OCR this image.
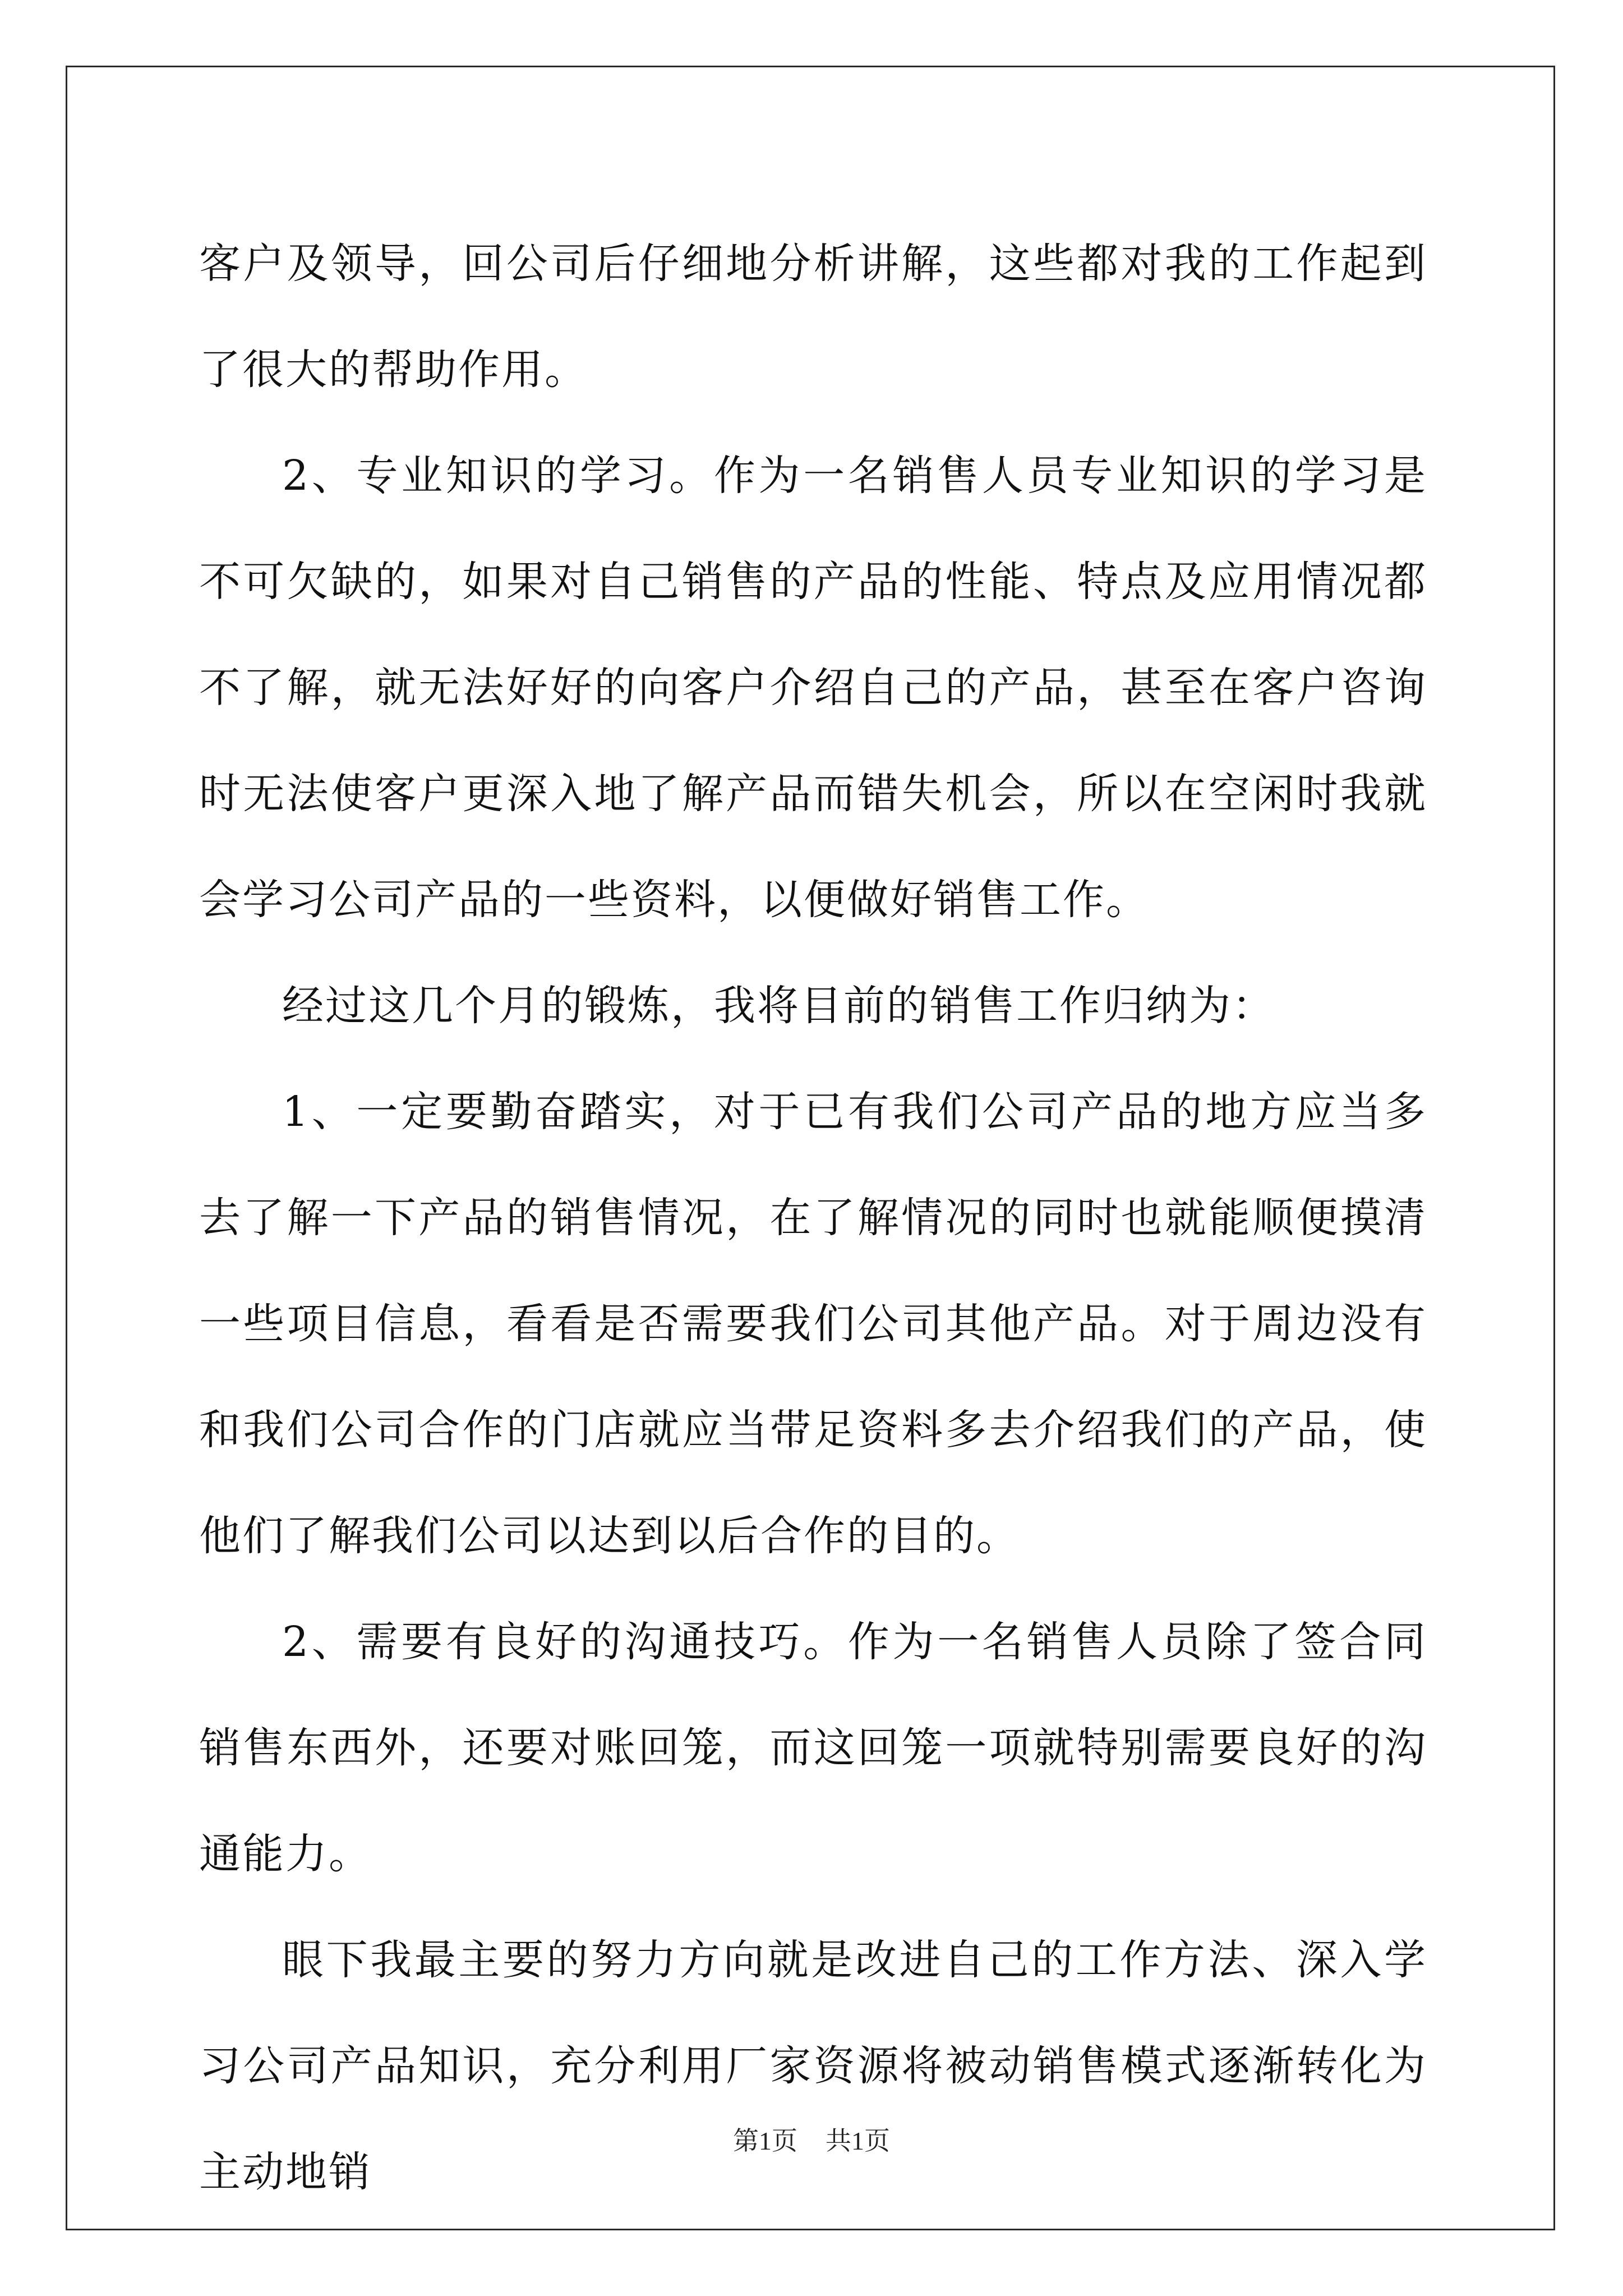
客户及领导，回公司后仔细地分析讲解，这些都对我的工作起到了很大的帮助作用。

2、专业知识的学习。作为一名销售人员专业知识的学习是不可欠缺的，如果对自己销售的产品的性能、特点及应用情况都不了解，就无法好好的向客户介绍自己的产品，甚至在客户咨询时无法使客户更深入地了解产品而错失机会，所以在空闲时我就会学习公司产品的一些资料，以便做好销售工作。

经过这几个月的锻炼，我将目前的销售工作归纳为：

1、一定要勤奋踏实，对于已有我们公司产品的地方应当多去了解一下产品的销售情况，在了解情况的同时也就能顺便摸清一些项目信息，看看是否需要我们公司其他产品。对于周边没有和我们公司合作的门店就应当带足资料多去介绍我们的产品，使他们了解我们公司以达到以后合作的目的。

2、需要有良好的沟通技巧。作为一名销售人员除了签合同销售东西外，还要对账回笼，而这回笼一项就特别需要良好的沟通能力。

眼下我最主要的努力方向就是改进自己的工作方法、深入学习公司产品知识，充分利用厂家资源将被动销售模式逐渐转化为主动地销

第1页 共1页
